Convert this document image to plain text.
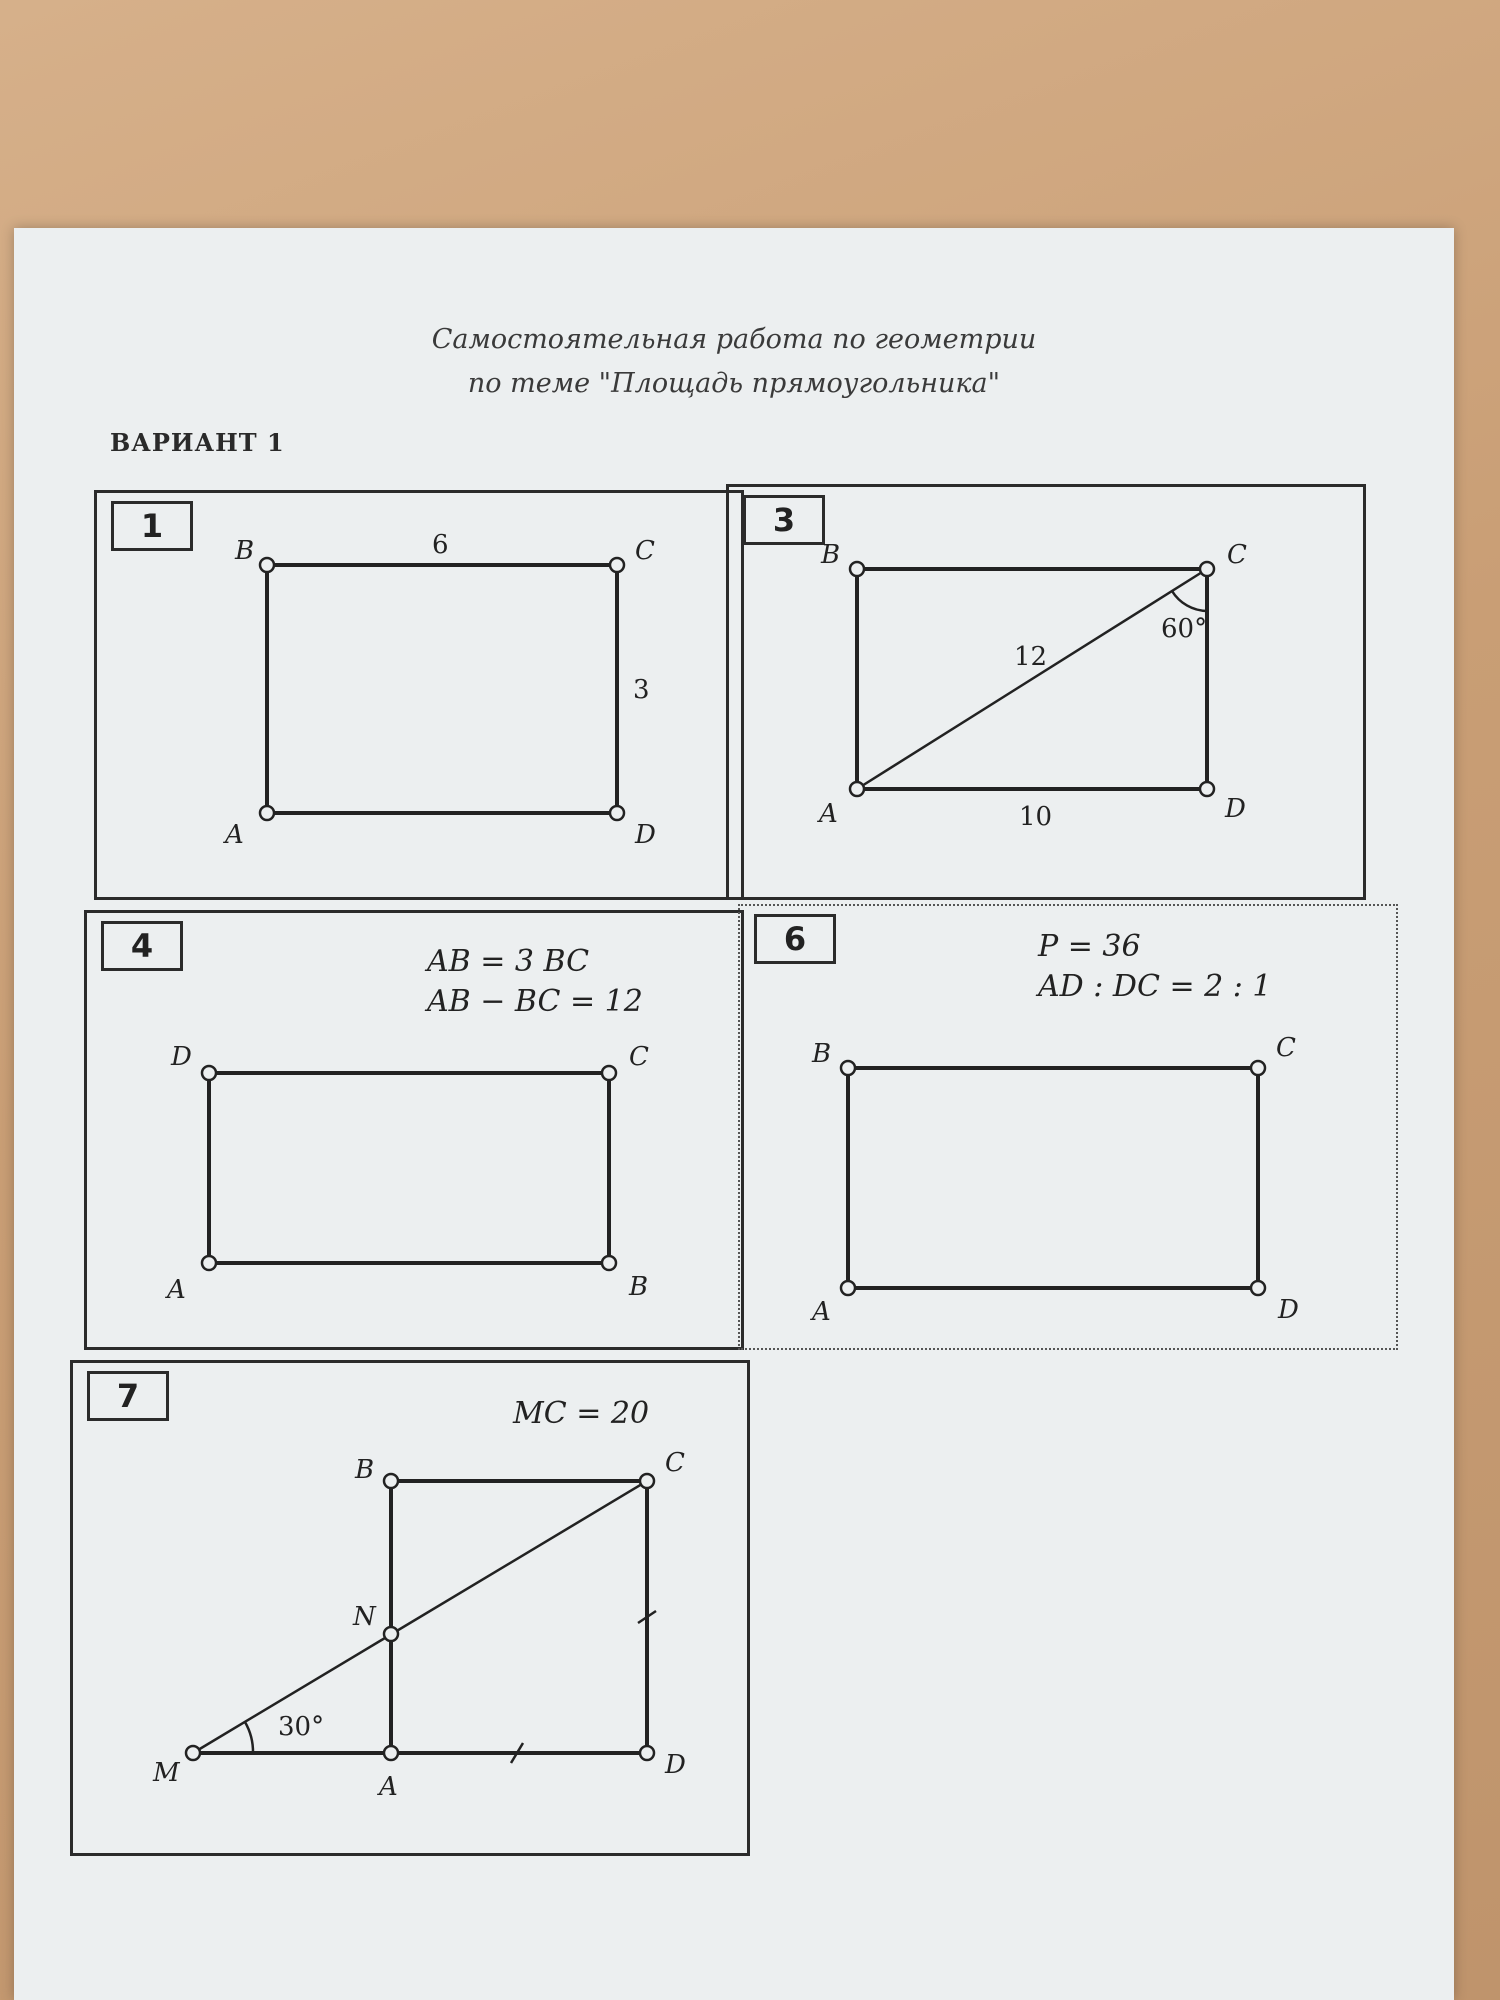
Самостоятельная работа по геометрии
по теме "Площадь прямоугольника"
ВАРИАНТ 1
1
B	C
A	D
6
3
3
B	C
A	D
12
60°
10
4	AB = 3 BC
AB − BC = 12
D	C
A	B
6	P = 36
AD : DC = 2 : 1
B	C
A	D
7	MC = 20
B	C
A
D
M
N
30°
